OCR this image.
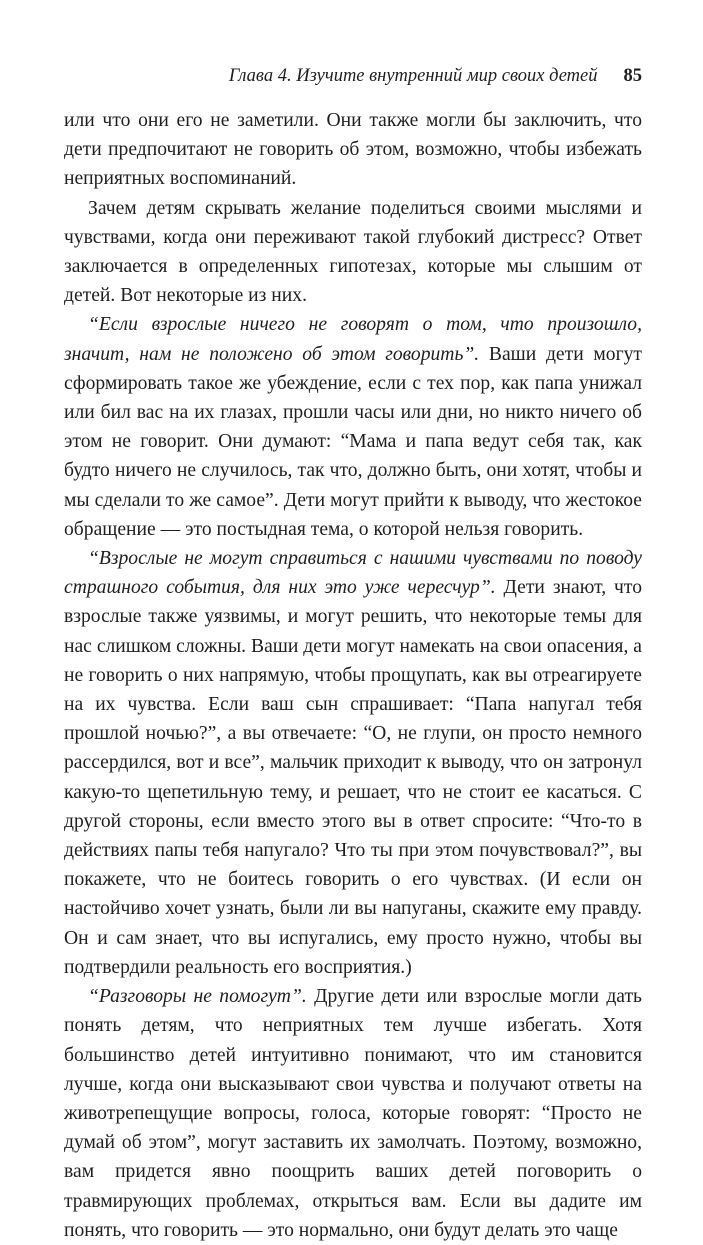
Глава 4. Изучите внутренний мир своих детей 85

или что они его не заметили. Они также могли бы заключить, что дети предпочитают не говорить об этом, возможно, чтобы избежать неприятных воспоминаний.

Зачем детям скрывать желание поделиться своими мыслями и чувствами, когда они переживают такой глубокий дистресс? Ответ заключается в определенных гипотезах, которые мы слышим от детей. Вот некоторые из них.

“Если взрослые ничего не говорят о том, что произошло, значит, нам не положено об этом говорить”. Ваши дети могут сформировать такое же убеждение, если с тех пор, как папа унижал или бил вас на их глазах, прошли часы или дни, но никто ничего об этом не говорит. Они думают: “Мама и папа ведут себя так, как будто ничего не случилось, так что, должно быть, они хотят, чтобы и мы сделали то же самое”. Дети могут прийти к выводу, что жестокое обращение — это постыдная тема, о которой нельзя говорить.

“Взрослые не могут справиться с нашими чувствами по поводу страшного события, для них это уже чересчур”. Дети знают, что взрослые также уязвимы, и могут решить, что некоторые темы для нас слишком сложны. Ваши дети могут намекать на свои опасения, а не говорить о них напрямую, чтобы прощупать, как вы отреагируете на их чувства. Если ваш сын спрашивает: “Папа напугал тебя прошлой ночью?”, а вы отвечаете: “О, не глупи, он просто немного рассердился, вот и все”, мальчик приходит к выводу, что он затронул какую-то щепетильную тему, и решает, что не стоит ее касаться. С другой стороны, если вместо этого вы в ответ спросите: “Что-то в действиях папы тебя напугало? Что ты при этом почувствовал?”, вы покажете, что не боитесь говорить о его чувствах. (И если он настойчиво хочет узнать, были ли вы напуганы, скажите ему правду. Он и сам знает, что вы испугались, ему просто нужно, чтобы вы подтвердили реальность его восприятия.)

“Разговоры не помогут”. Другие дети или взрослые могли дать понять детям, что неприятных тем лучше избегать. Хотя большинство детей интуитивно понимают, что им становится лучше, когда они высказывают свои чувства и получают ответы на животрепещущие вопросы, голоса, которые говорят: “Просто не думай об этом”, могут заставить их замолчать. Поэтому, возможно, вам придется явно поощрить ваших детей поговорить о травмирующих проблемах, открыться вам. Если вы дадите им понять, что говорить — это нормально, они будут делать это чаще
